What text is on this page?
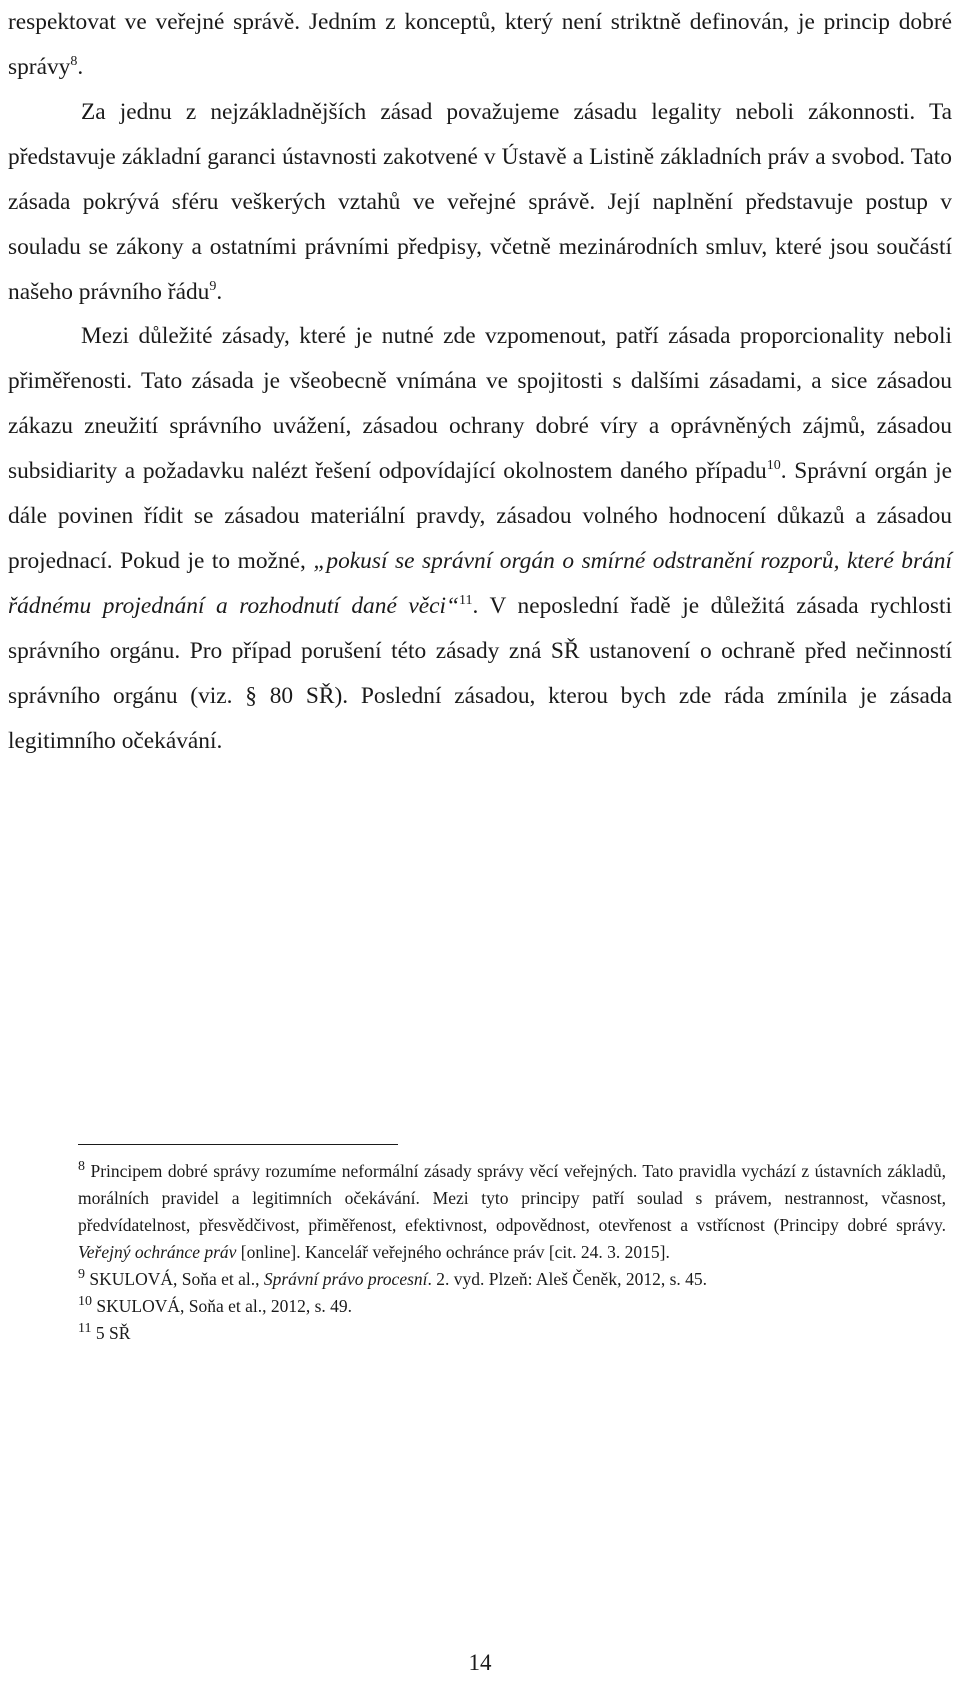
respektovat ve veřejné správě. Jedním z konceptů, který není striktně definován, je princip dobré správy$^8$.

Za jednu z nejzákladnějších zásad považujeme zásadu legality neboli zákonnosti. Ta představuje základní garanci ústavnosti zakotvené v Ústavě a Listině základních práv a svobod. Tato zásada pokrývá sféru veškerých vztahů ve veřejné správě. Její naplnění představuje postup v souladu se zákony a ostatními právními předpisy, včetně mezinárodních smluv, které jsou součástí našeho právního řádu$^9$.

Mezi důležité zásady, které je nutné zde vzpomenout, patří zásada proporcionality neboli přiměřenosti. Tato zásada je všeobecně vnímána ve spojitosti s dalšími zásadami, a sice zásadou zákazu zneužití správního uvážení, zásadou ochrany dobré víry a oprávněných zájmů, zásadou subsidiarity a požadavku nalézt řešení odpovídající okolnostem daného případu$^{10}$. Správní orgán je dále povinen řídit se zásadou materiální pravdy, zásadou volného hodnocení důkazů a zásadou projednací. Pokud je to možné, „pokusí se správní orgán o smírné odstranění rozporů, které brání řádnému projednání a rozhodnutí dané věci“$^{11}$. V neposlední řadě je důležitá zásada rychlosti správního orgánu. Pro případ porušení této zásady zná SŘ ustanovení o ochraně před nečinností správního orgánu (viz. § 80 SŘ). Poslední zásadou, kterou bych zde ráda zmínila je zásada legitimního očekávání.

$^8$ Principem dobré správy rozumíme neformální zásady správy věcí veřejných. Tato pravidla vychází z ústavních základů, morálních pravidel a legitimních očekávání. Mezi tyto principy patří soulad s právem, nestrannost, včasnost, předvídatelnost, přesvědčivost, přiměřenost, efektivnost, odpovědnost, otevřenost a vstřícnost (Principy dobré správy. Veřejný ochránce práv [online]. Kancelář veřejného ochránce práv [cit. 24. 3. 2015].

$^9$ SKULOVÁ, Soňa et al., Správní právo procesní. 2. vyd. Plzeň: Aleš Čeněk, 2012, s. 45.

$^{10}$ SKULOVÁ, Soňa et al., 2012, s. 49.

$^{11}$ 5 SŘ

14
